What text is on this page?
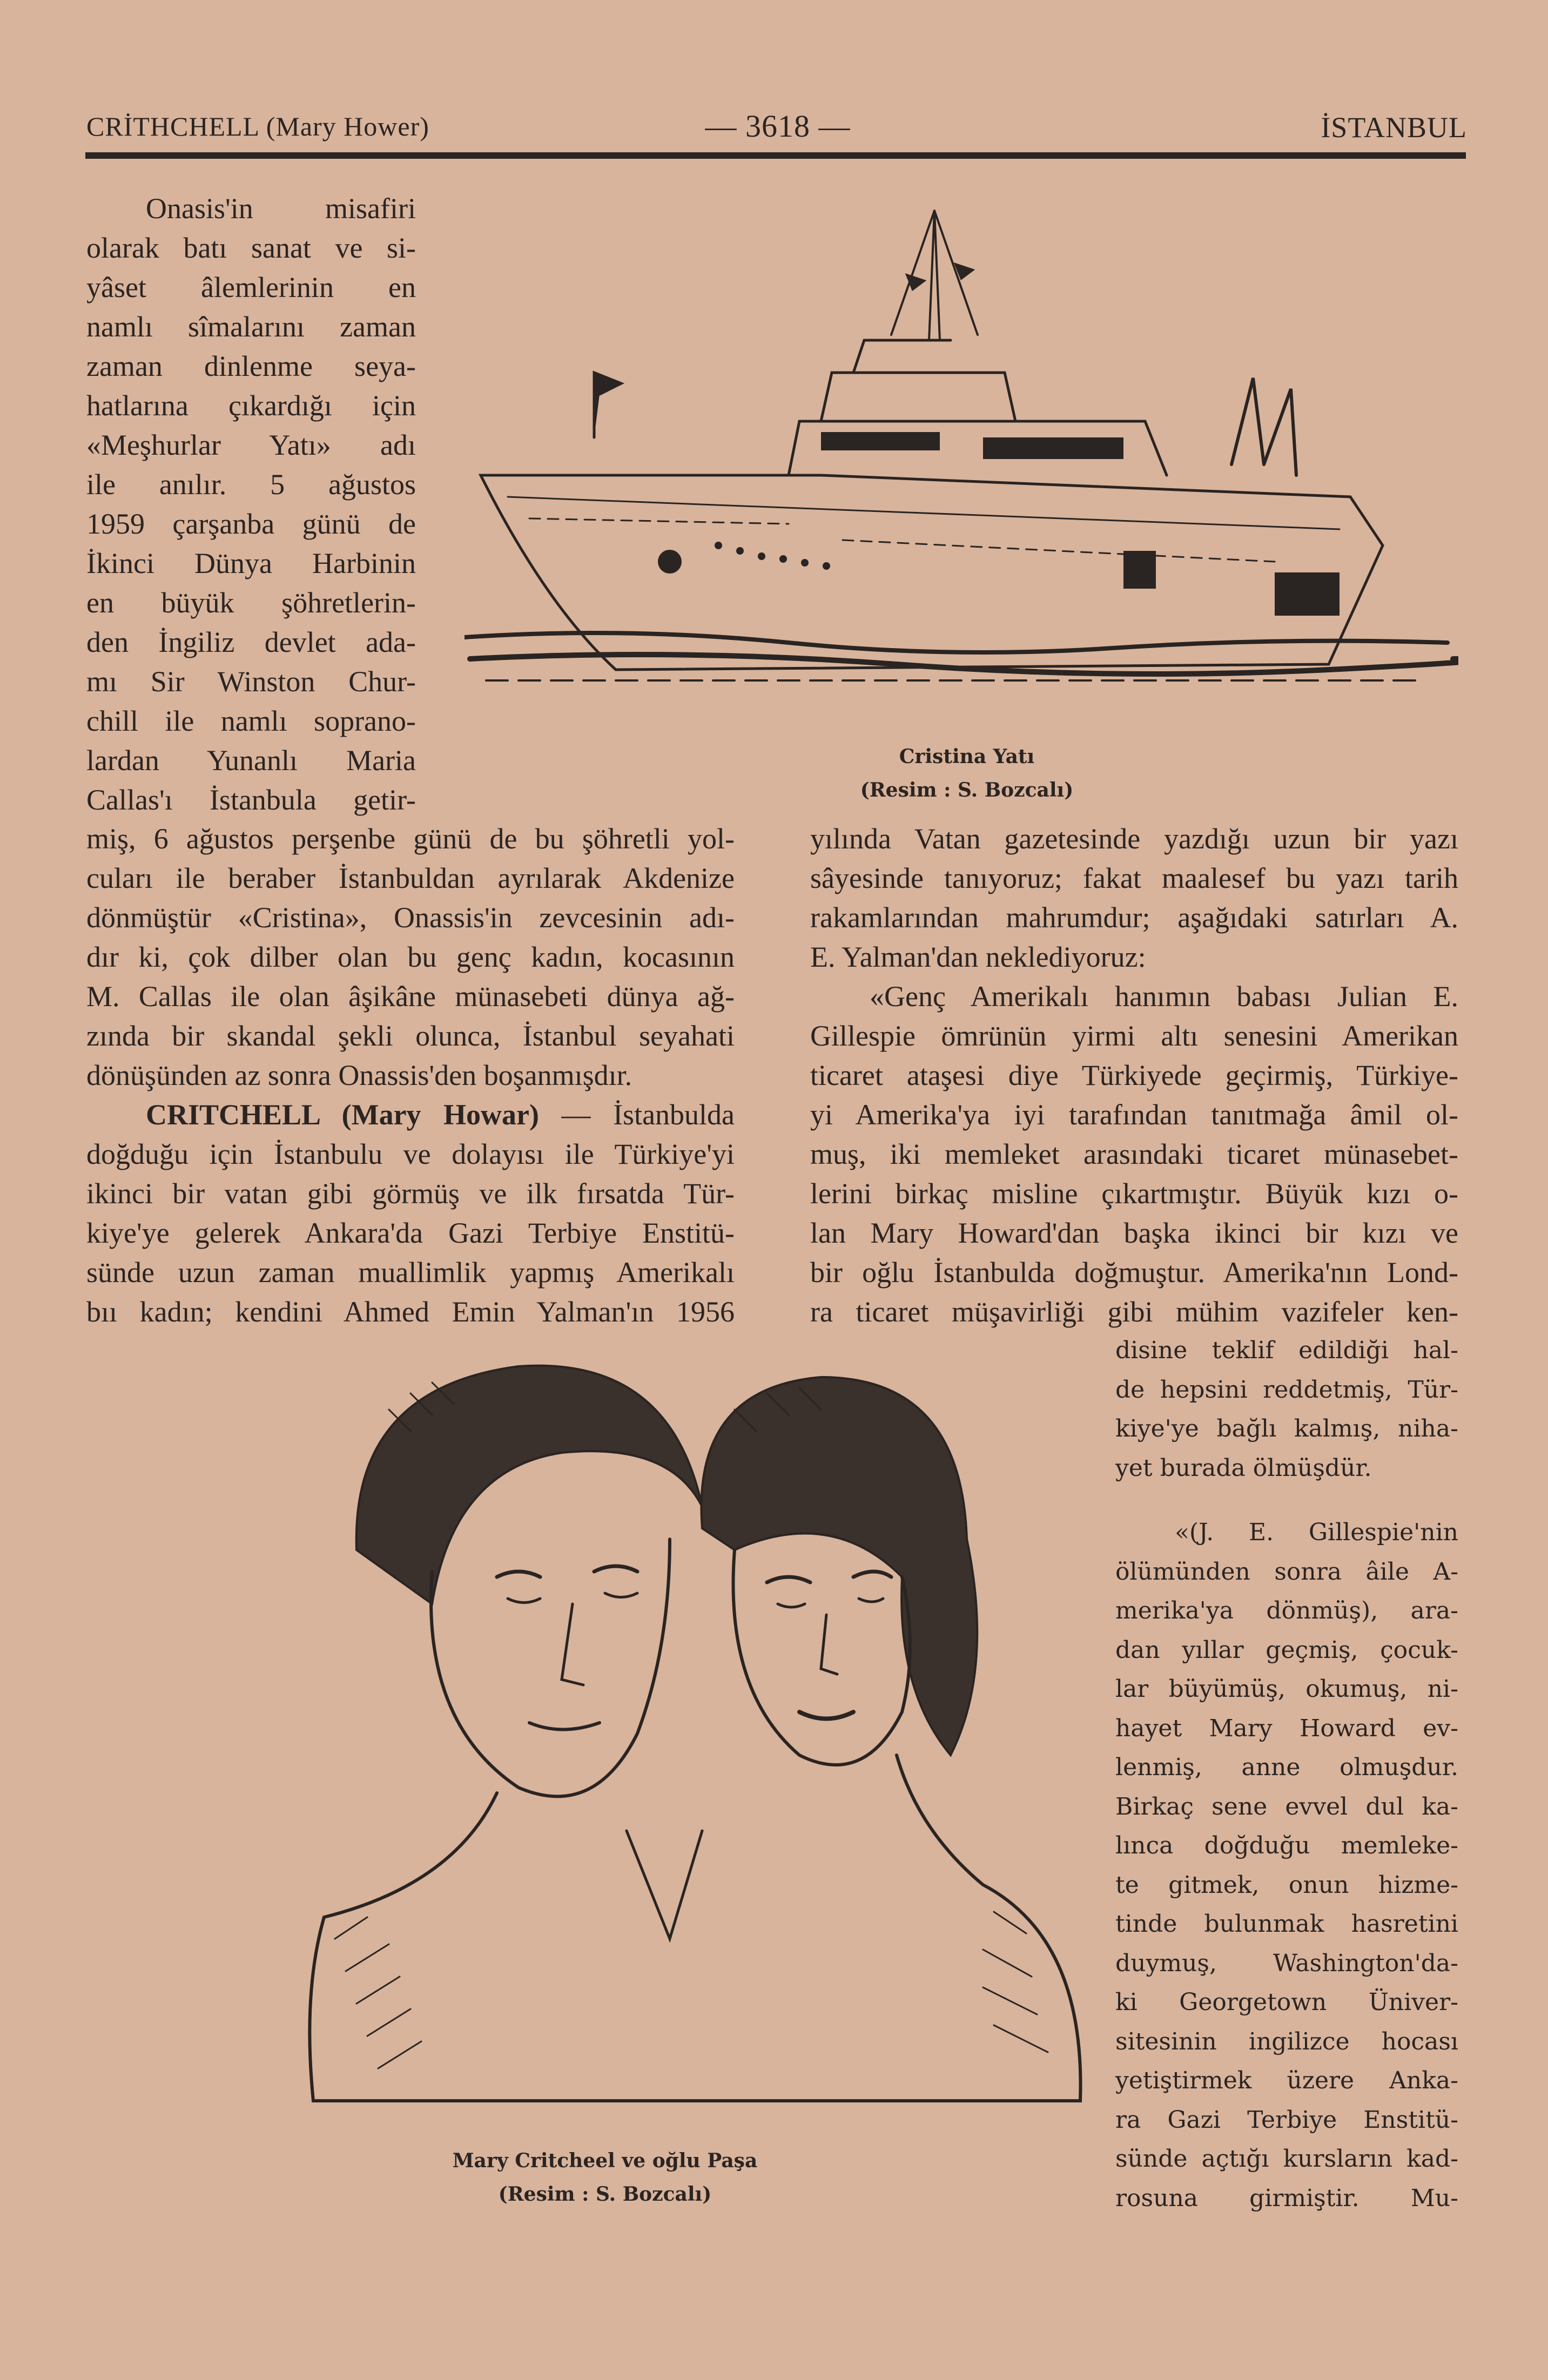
CRİTHCHELL (Mary Hower)	— 3618 —	İSTANBUL
Onasis'in misafiri
olarak batı sanat ve si-
yâset âlemlerinin en
namlı sîmalarını zaman
zaman dinlenme seya-
hatlarına çıkardığı için
«Meşhurlar Yatı» adı
ile anılır. 5 ağustos
1959 çarşanba günü de
İkinci Dünya Harbinin
en büyük şöhretlerin-
den İngiliz devlet ada-
mı Sir Winston Chur-
chill ile namlı soprano-
lardan Yunanlı Maria
Callas'ı İstanbula getir-
Cristina Yatı
(Resim : S. Bozcalı)
miş, 6 ağustos perşenbe günü de bu şöhretli yol-
cuları ile beraber İstanbuldan ayrılarak Akdenize
dönmüştür «Cristina», Onassis'in zevcesinin adı-
dır ki, çok dilber olan bu genç kadın, kocasının
M. Callas ile olan âşikâne münasebeti dünya ağ-
zında bir skandal şekli olunca, İstanbul seyahati
dönüşünden az sonra Onassis'den boşanmışdır.
CRITCHELL (Mary Howar) — İstanbulda
doğduğu için İstanbulu ve dolayısı ile Türkiye'yi
ikinci bir vatan gibi görmüş ve ilk fırsatda Tür-
kiye'ye gelerek Ankara'da Gazi Terbiye Enstitü-
sünde uzun zaman muallimlik yapmış Amerikalı
bıı kadın; kendini Ahmed Emin Yalman'ın 1956
yılında Vatan gazetesinde yazdığı uzun bir yazı
sâyesinde tanıyoruz; fakat maalesef bu yazı tarih
rakamlarından mahrumdur; aşağıdaki satırları A.
E. Yalman'dan neklediyoruz:
«Genç Amerikalı hanımın babası Julian E.
Gillespie ömrünün yirmi altı senesini Amerikan
ticaret ataşesi diye Türkiyede geçirmiş, Türkiye-
yi Amerika'ya iyi tarafından tanıtmağa âmil ol-
muş, iki memleket arasındaki ticaret münasebet-
lerini birkaç misline çıkartmıştır. Büyük kızı o-
lan Mary Howard'dan başka ikinci bir kızı ve
bir oğlu İstanbulda doğmuştur. Amerika'nın Lond-
ra ticaret müşavirliği gibi mühim vazifeler ken-
Mary Critcheel ve oğlu Paşa
(Resim : S. Bozcalı)
disine teklif edildiği hal-
de hepsini reddetmiş, Tür-
kiye'ye bağlı kalmış, niha-
yet burada ölmüşdür.
«(J. E. Gillespie'nin
ölümünden sonra âile A-
merika'ya dönmüş), ara-
dan yıllar geçmiş, çocuk-
lar büyümüş, okumuş, ni-
hayet Mary Howard ev-
lenmiş, anne olmuşdur.
Birkaç sene evvel dul ka-
lınca doğduğu memleke-
te gitmek, onun hizme-
tinde bulunmak hasretini
duymuş, Washington'da-
ki Georgetown Üniver-
sitesinin ingilizce hocası
yetiştirmek üzere Anka-
ra Gazi Terbiye Enstitü-
sünde açtığı kursların kad-
rosuna girmiştir. Mu-
